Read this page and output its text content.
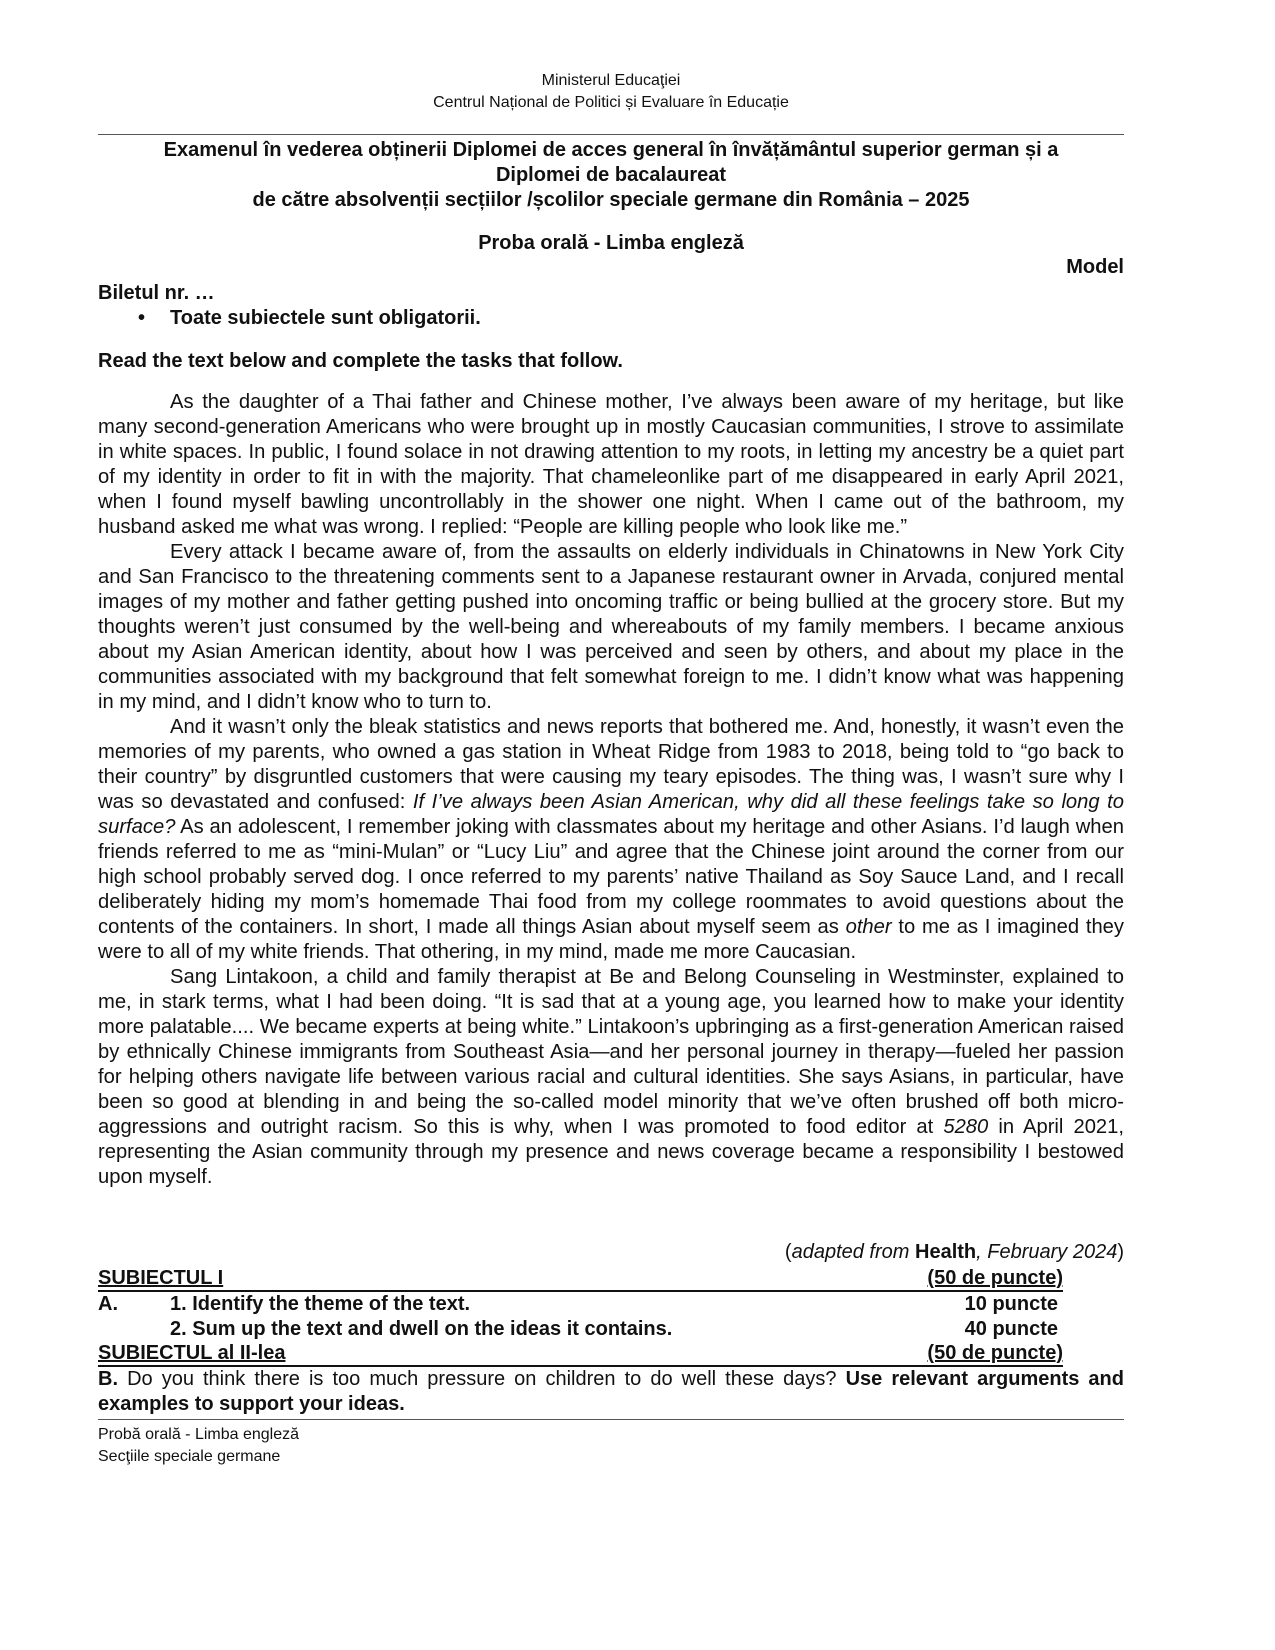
Ministerul Educaţiei
Centrul Național de Politici și Evaluare în Educație
Examenul în vederea obținerii Diplomei de acces general în învățământul superior german și a
Diplomei de bacalaureat
de către absolvenții secțiilor /școlilor speciale germane din România – 2025
Proba orală - Limba engleză
Model
Biletul nr. …
• Toate subiectele sunt obligatorii.
Read the text below and complete the tasks that follow.

As the daughter of a Thai father and Chinese mother, I’ve always been aware of my heritage, but like many second-generation Americans who were brought up in mostly Caucasian communities, I strove to assimilate in white spaces. In public, I found solace in not drawing attention to my roots, in letting my ancestry be a quiet part of my identity in order to fit in with the majority. That chameleonlike part of me disappeared in early April 2021, when I found myself bawling uncontrollably in the shower one night. When I came out of the bathroom, my husband asked me what was wrong. I replied: “People are killing people who look like me.”

Every attack I became aware of, from the assaults on elderly individuals in Chinatowns in New York City and San Francisco to the threatening comments sent to a Japanese restaurant owner in Arvada, conjured mental images of my mother and father getting pushed into oncoming traffic or being bullied at the grocery store. But my thoughts weren’t just consumed by the well-being and whereabouts of my family members. I became anxious about my Asian American identity, about how I was perceived and seen by others, and about my place in the communities associated with my background that felt somewhat foreign to me. I didn’t know what was happening in my mind, and I didn’t know who to turn to.

And it wasn’t only the bleak statistics and news reports that bothered me. And, honestly, it wasn’t even the memories of my parents, who owned a gas station in Wheat Ridge from 1983 to 2018, being told to “go back to their country” by disgruntled customers that were causing my teary episodes. The thing was, I wasn’t sure why I was so devastated and confused: If I’ve always been Asian American, why did all these feelings take so long to surface? As an adolescent, I remember joking with classmates about my heritage and other Asians. I’d laugh when friends referred to me as “mini-Mulan” or “Lucy Liu” and agree that the Chinese joint around the corner from our high school probably served dog. I once referred to my parents’ native Thailand as Soy Sauce Land, and I recall deliberately hiding my mom’s homemade Thai food from my college roommates to avoid questions about the contents of the containers. In short, I made all things Asian about myself seem as other to me as I imagined they were to all of my white friends. That othering, in my mind, made me more Caucasian.

Sang Lintakoon, a child and family therapist at Be and Belong Counseling in Westminster, explained to me, in stark terms, what I had been doing. “It is sad that at a young age, you learned how to make your identity more palatable.... We became experts at being white.” Lintakoon’s upbringing as a first-generation American raised by ethnically Chinese immigrants from Southeast Asia—and her personal journey in therapy—fueled her passion for helping others navigate life between various racial and cultural identities. She says Asians, in particular, have been so good at blending in and being the so-called model minority that we’ve often brushed off both micro-aggressions and outright racism. So this is why, when I was promoted to food editor at 5280 in April 2021, representing the Asian community through my presence and news coverage became a responsibility I bestowed upon myself.

(adapted from Health, February 2024)
SUBIECTUL I	(50 de puncte)
A.	1. Identify the theme of the text.	10 puncte
2. Sum up the text and dwell on the ideas it contains.	40 puncte
SUBIECTUL al II-lea	(50 de puncte)
B. Do you think there is too much pressure on children to do well these days? Use relevant arguments and examples to support your ideas.
Probă orală - Limba engleză
Secţiile speciale germane
